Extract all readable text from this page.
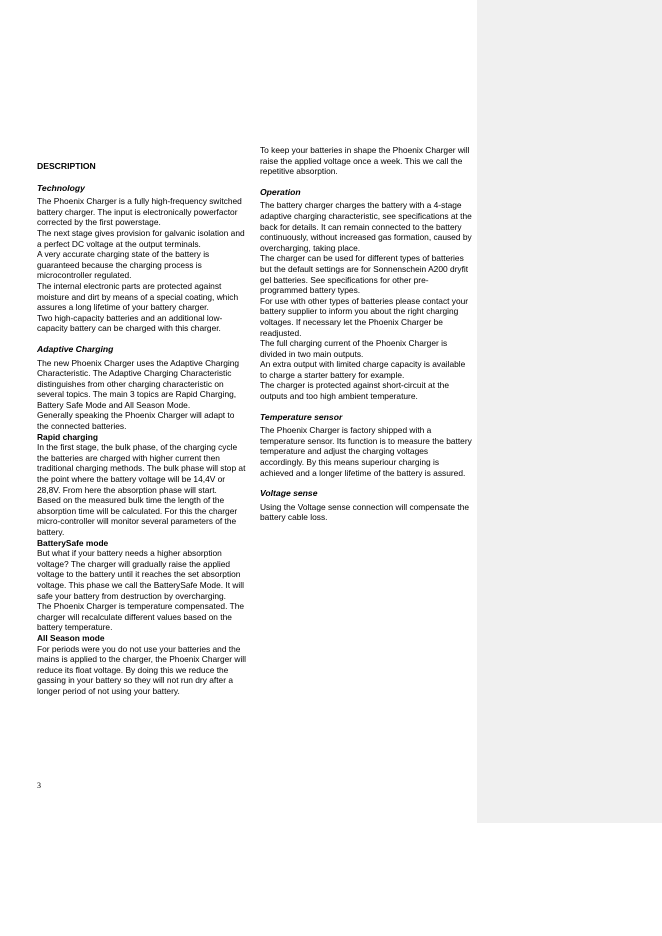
DESCRIPTION

Technology

The Phoenix Charger is a fully high-frequency switched battery charger. The input is electronically powerfactor corrected by the first powerstage.

The next stage gives provision for galvanic isolation and a perfect DC voltage at the output terminals.

A very accurate charging state of the battery is guaranteed because the charging process is microcontroller regulated.

The internal electronic parts are protected against moisture and dirt by means of a special coating, which assures a long lifetime of your battery charger.

Two high-capacity batteries and an additional low-capacity battery can be charged with this charger.

Adaptive Charging

The new Phoenix Charger uses the Adaptive Charging Characteristic. The Adaptive Charging Characteristic distinguishes from other charging characteristic on several topics. The main 3 topics are Rapid Charging, Battery Safe Mode and All Season Mode.

Generally speaking the Phoenix Charger will adapt to the connected batteries.

Rapid charging

In the first stage, the bulk phase, of the charging cycle the batteries are charged with higher current then traditional charging methods. The bulk phase will stop at the point where the battery voltage will be 14,4V or 28,8V. From here the absorption phase will start.

Based on the measured bulk time the length of the absorption time will be calculated. For this the charger micro-controller will monitor several parameters of the battery.

BatterySafe mode

But what if your battery needs a higher absorption voltage? The charger will gradually raise the applied voltage to the battery until it reaches the set absorption voltage. This phase we call the BatterySafe Mode. It will safe your battery from destruction by overcharging.

The Phoenix Charger is temperature compensated. The charger will recalculate different values based on the battery temperature.

All Season mode

For periods were you do not use your batteries and the mains is applied to the charger, the Phoenix Charger will reduce its float voltage. By doing this we reduce the gassing in your battery so they will not run dry after a longer period of not using your battery.

To keep your batteries in shape the Phoenix Charger will raise the applied voltage once a week. This we call the repetitive absorption.

Operation

The battery charger charges the battery with a 4-stage adaptive charging characteristic, see specifications at the back for details. It can remain connected to the battery continuously, without increased gas formation, caused by overcharging, taking place.

The charger can be used for different types of batteries but the default settings are for Sonnenschein A200 dryfit gel batteries. See specifications for other pre-programmed battery types.

For use with other types of batteries please contact your battery supplier to inform you about the right charging voltages. If necessary let the Phoenix Charger be readjusted.

The full charging current of the Phoenix Charger is divided in two main outputs.

An extra output with limited charge capacity is available to charge a starter battery for example.

The charger is protected against short-circuit at the outputs and too high ambient temperature.

Temperature sensor

The Phoenix Charger is factory shipped with a temperature sensor. Its function is to measure the battery temperature and adjust the charging voltages accordingly. By this means superiour charging is achieved and a longer lifetime of the battery is assured.

Voltage sense

Using the Voltage sense connection will compensate the battery cable loss.

3
